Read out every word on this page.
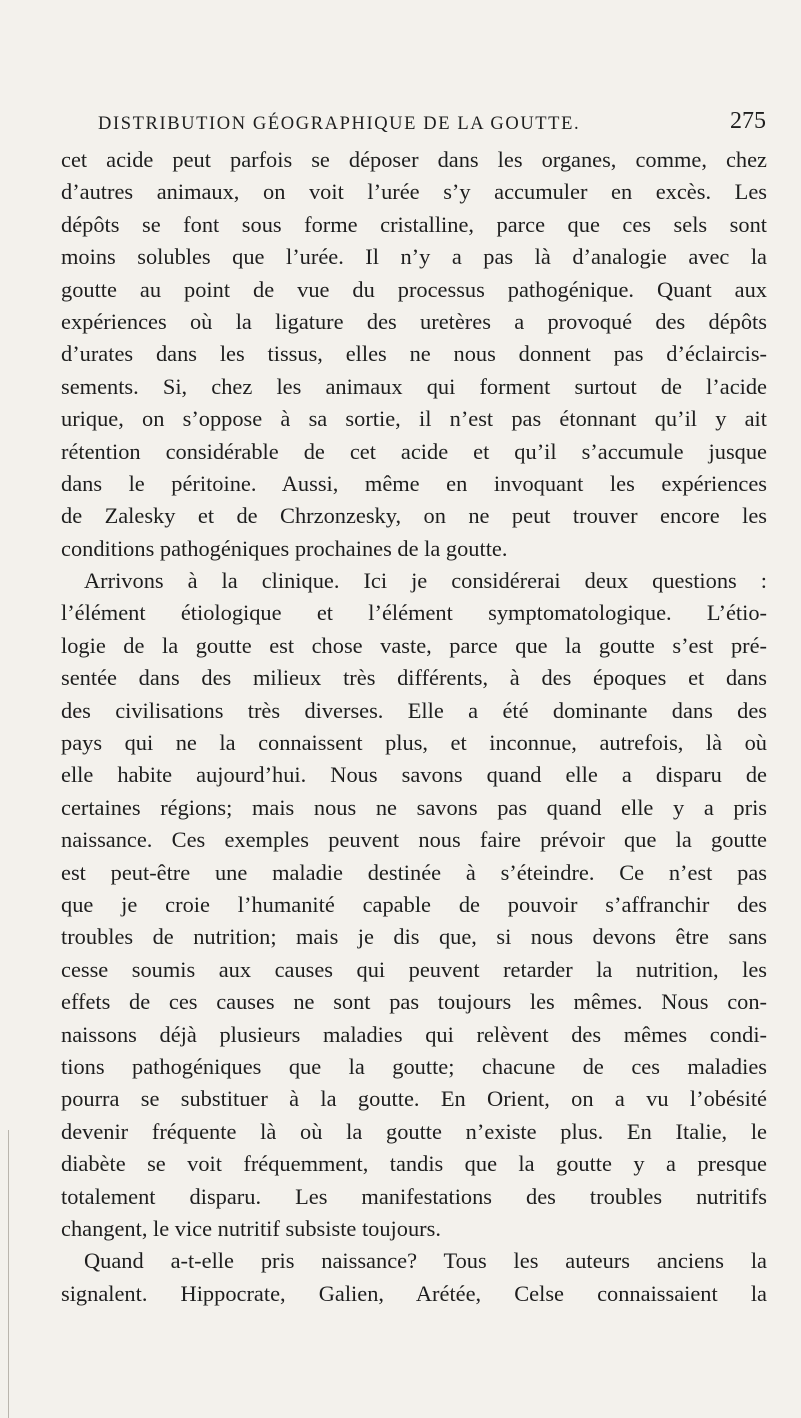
DISTRIBUTION GÉOGRAPHIQUE DE LA GOUTTE.	275
cet acide peut parfois se déposer dans les organes, comme, chez
d’autres animaux, on voit l’urée s’y accumuler en excès. Les
dépôts se font sous forme cristalline, parce que ces sels sont
moins solubles que l’urée. Il n’y a pas là d’analogie avec la
goutte au point de vue du processus pathogénique. Quant aux
expériences où la ligature des uretères a provoqué des dépôts
d’urates dans les tissus, elles ne nous donnent pas d’éclaircis-
sements. Si, chez les animaux qui forment surtout de l’acide
urique, on s’oppose à sa sortie, il n’est pas étonnant qu’il y ait
rétention considérable de cet acide et qu’il s’accumule jusque
dans le péritoine. Aussi, même en invoquant les expériences
de Zalesky et de Chrzonzesky, on ne peut trouver encore les
conditions pathogéniques prochaines de la goutte.
Arrivons à la clinique. Ici je considérerai deux questions :
l’élément étiologique et l’élément symptomatologique. L’étio-
logie de la goutte est chose vaste, parce que la goutte s’est pré-
sentée dans des milieux très différents, à des époques et dans
des civilisations très diverses. Elle a été dominante dans des
pays qui ne la connaissent plus, et inconnue, autrefois, là où
elle habite aujourd’hui. Nous savons quand elle a disparu de
certaines régions; mais nous ne savons pas quand elle y a pris
naissance. Ces exemples peuvent nous faire prévoir que la goutte
est peut-être une maladie destinée à s’éteindre. Ce n’est pas
que je croie l’humanité capable de pouvoir s’affranchir des
troubles de nutrition; mais je dis que, si nous devons être sans
cesse soumis aux causes qui peuvent retarder la nutrition, les
effets de ces causes ne sont pas toujours les mêmes. Nous con-
naissons déjà plusieurs maladies qui relèvent des mêmes condi-
tions pathogéniques que la goutte; chacune de ces maladies
pourra se substituer à la goutte. En Orient, on a vu l’obésité
devenir fréquente là où la goutte n’existe plus. En Italie, le
diabète se voit fréquemment, tandis que la goutte y a presque
totalement disparu. Les manifestations des troubles nutritifs
changent, le vice nutritif subsiste toujours.
Quand a-t-elle pris naissance? Tous les auteurs anciens la
signalent. Hippocrate, Galien, Arétée, Celse connaissaient la
